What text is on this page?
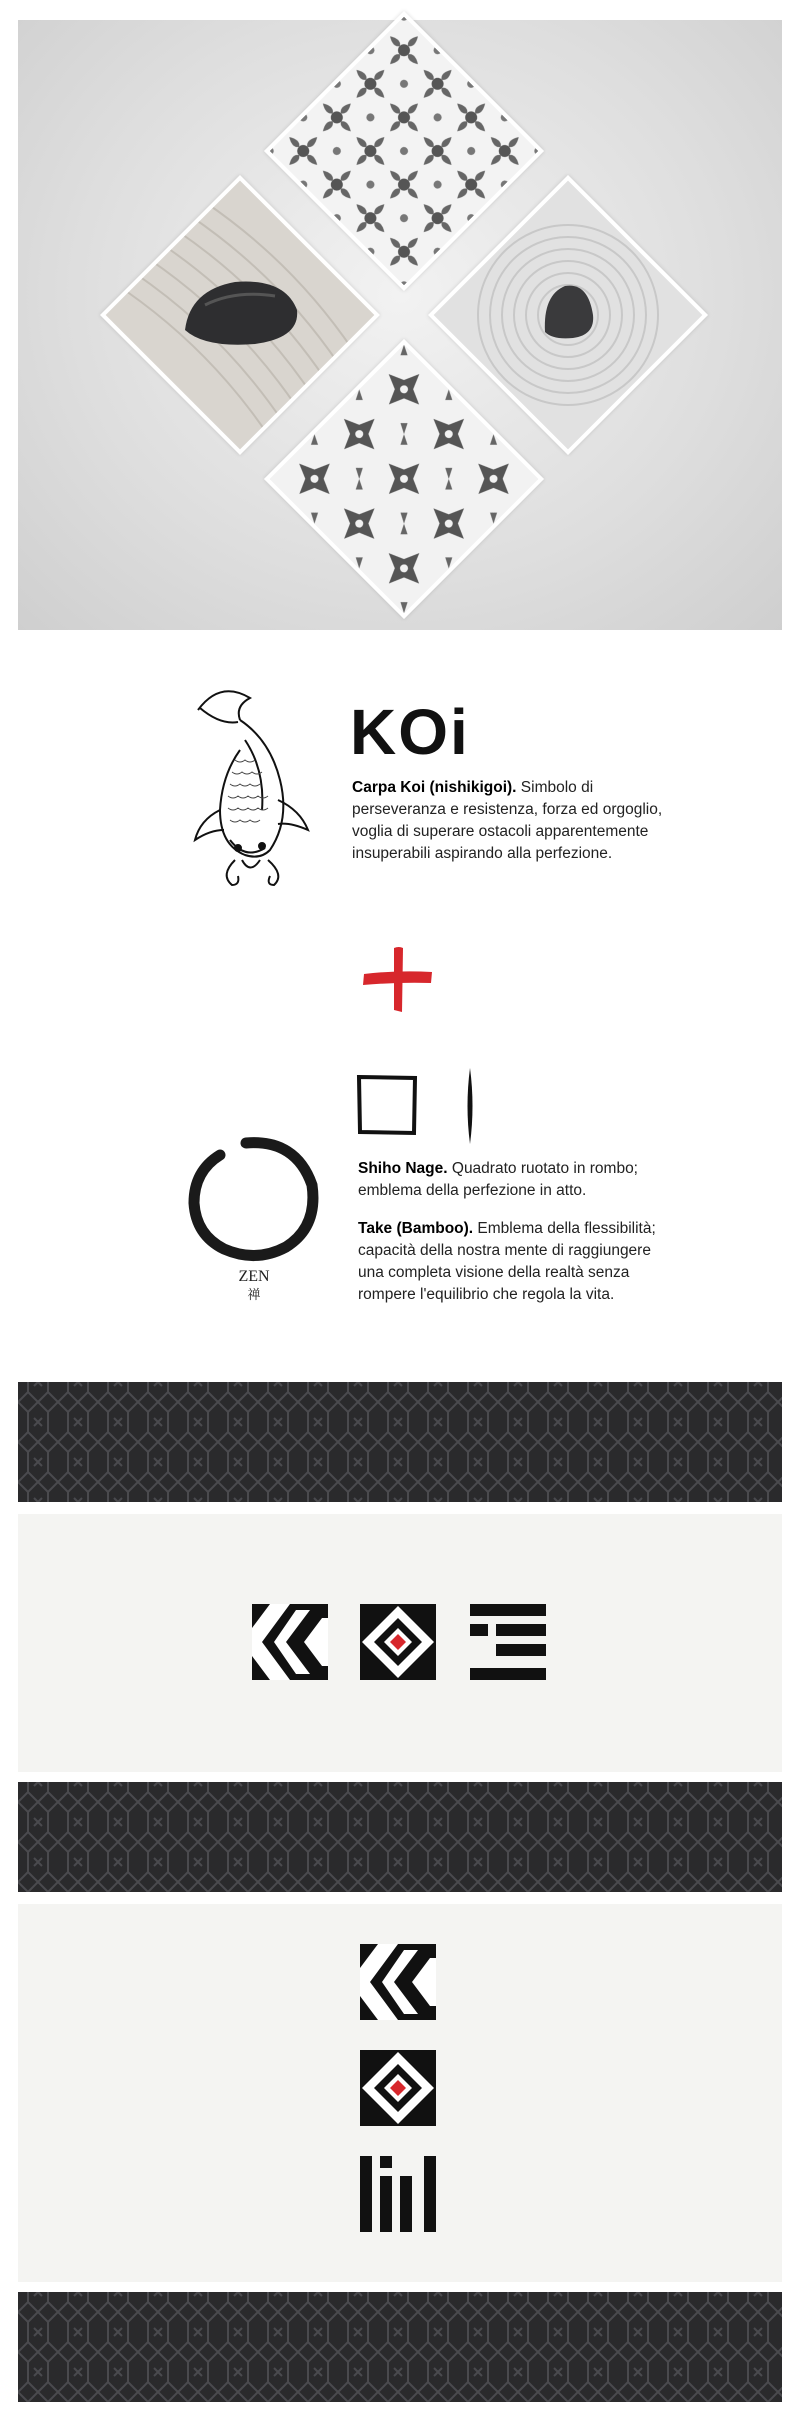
KOi
Carpa Koi (nishikigoi). Simbolo di perseveranza e resistenza, forza ed orgoglio, voglia di superare ostacoli apparentemente insuperabili aspirando alla perfezione.
ZEN
禅
Shiho Nage. Quadrato ruotato in rombo; emblema della perfezione in atto.
Take (Bamboo). Emblema della flessibilità; capacità della nostra mente di raggiungere una completa visione della realtà senza rompere l'equilibrio che regola la vita.
